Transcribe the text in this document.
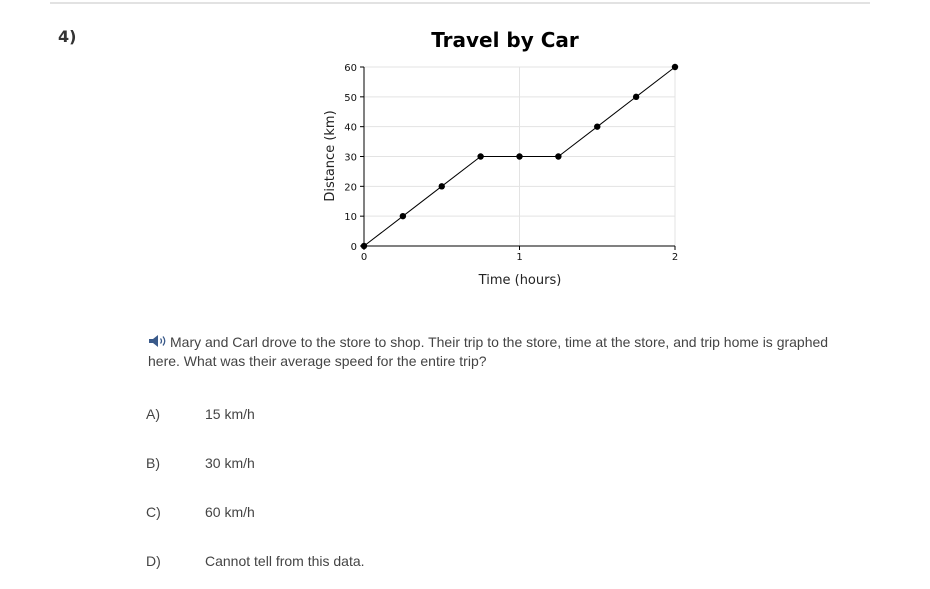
4)	Travel by Car
0
10
20
30
40
50
60
0	1	2
Time (hours)
Distance (km)
Mary and Carl drove to the store to shop. Their trip to the store, time at the store, and trip home is graphed here. What was their average speed for the entire trip?
A)	15 km/h
B)	30 km/h
C)	60 km/h
D)	Cannot tell from this data.
